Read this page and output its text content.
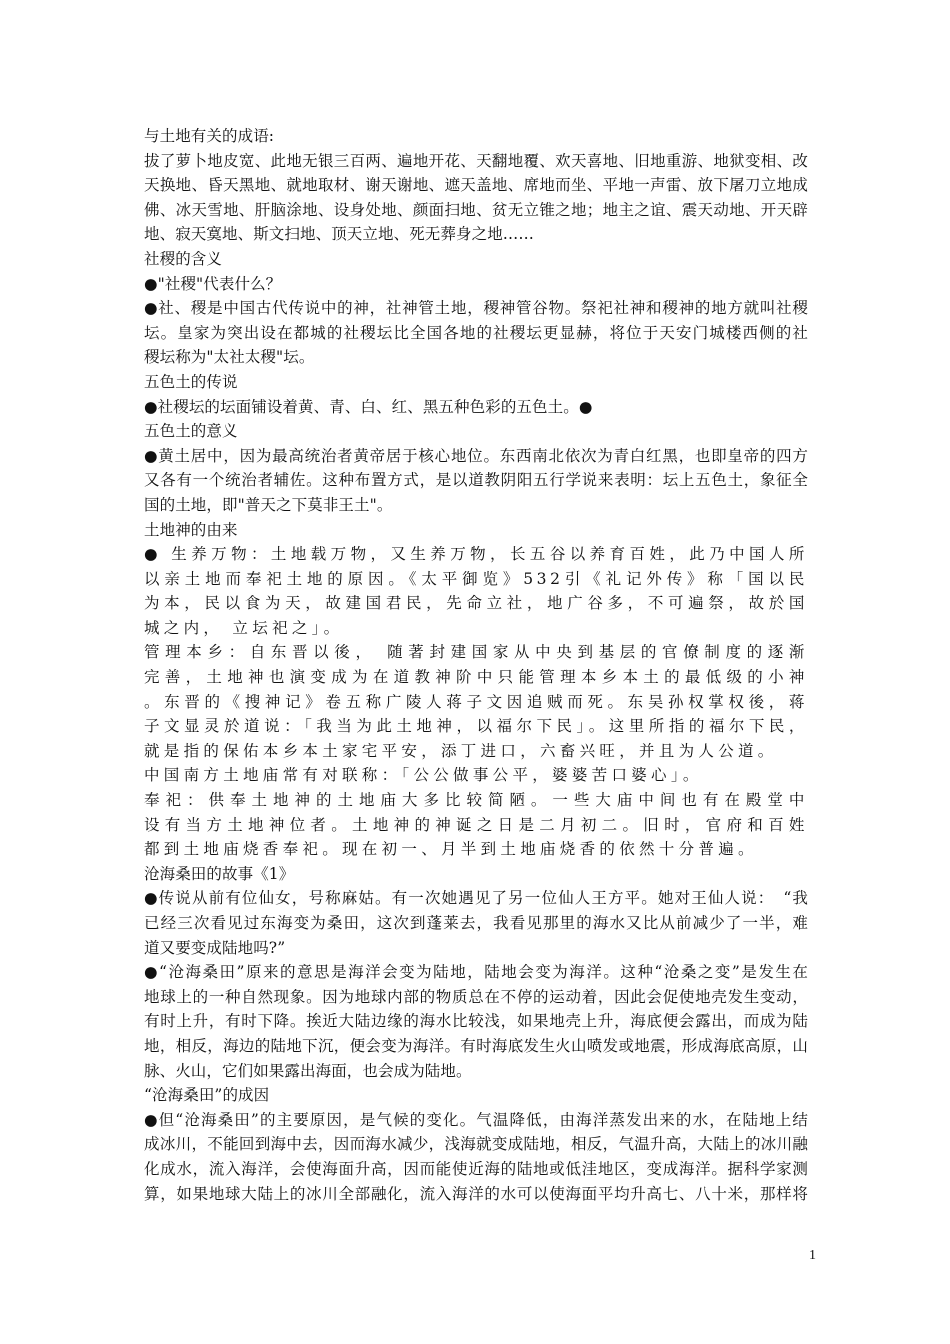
与土地有关的成语:
拔了萝卜地皮宽、此地无银三百两、遍地开花、天翻地覆、欢天喜地、旧地重游、地狱变相、改
天换地、昏天黑地、就地取材、谢天谢地、遮天盖地、席地而坐、平地一声雷、放下屠刀立地成
佛、冰天雪地、肝脑涂地、设身处地、颜面扫地、贫无立锥之地；地主之谊、震天动地、开天辟
地、寂天寞地、斯文扫地、顶天立地、死无葬身之地……
社稷的含义
●"社稷"代表什么？
●社、稷是中国古代传说中的神，社神管土地，稷神管谷物。祭祀社神和稷神的地方就叫社稷
坛。皇家为突出设在都城的社稷坛比全国各地的社稷坛更显赫，将位于天安门城楼西侧的社
稷坛称为"太社太稷"坛。
五色土的传说
●社稷坛的坛面铺设着黄、青、白、红、黑五种色彩的五色土。●
五色土的意义
●黄土居中，因为最高统治者黄帝居于核心地位。东西南北依次为青白红黑，也即皇帝的四方
又各有一个统治者辅佐。这种布置方式，是以道教阴阳五行学说来表明：坛上五色土，象征全
国的土地，即"普天之下莫非王土"。
土地神的由来
● 生养万物：土地载万物，又生养万物，长五谷以养育百姓，此乃中国人所
以亲土地而奉祀土地的原因。《太平御览》532引《礼记外传》称「国以民
为本，民以食为天，故建国君民，先命立社，地广谷多，不可遍祭，故於国
城之内， 立坛祀之」。
管理本乡：自东晋以後， 随著封建国家从中央到基层的官僚制度的逐渐
完善，土地神也演变成为在道教神阶中只能管理本乡本土的最低级的小神
。东晋的《搜神记》卷五称广陵人蒋子文因追贼而死。东吴孙权掌权後，蒋
子文显灵於道说：「我当为此土地神，以福尔下民」。这里所指的福尔下民，
就是指的保佑本乡本土家宅平安，添丁进口，六畜兴旺，并且为人公道。
中国南方土地庙常有对联称：「公公做事公平，婆婆苦口婆心」。
奉祀：供奉土地神的土地庙大多比较简陋。一些大庙中间也有在殿堂中
设有当方土地神位者。土地神的神诞之日是二月初二。旧时，官府和百姓
都到土地庙烧香奉祀。现在初一、月半到土地庙烧香的依然十分普遍。
沧海桑田的故事《1》
●传说从前有位仙女，号称麻姑。有一次她遇见了另一位仙人王方平。她对王仙人说：　“我
已经三次看见过东海变为桑田，这次到蓬莱去，我看见那里的海水又比从前减少了一半，难
道又要变成陆地吗?”
●“沧海桑田”原来的意思是海洋会变为陆地，陆地会变为海洋。这种“沧桑之变”是发生在
地球上的一种自然现象。因为地球内部的物质总在不停的运动着，因此会促使地壳发生变动，
有时上升，有时下降。挨近大陆边缘的海水比较浅，如果地壳上升，海底便会露出，而成为陆
地，相反，海边的陆地下沉，便会变为海洋。有时海底发生火山喷发或地震，形成海底高原，山
脉、火山，它们如果露出海面，也会成为陆地。
“沧海桑田”的成因
●但“沧海桑田”的主要原因，是气候的变化。气温降低，由海洋蒸发出来的水，在陆地上结
成冰川，不能回到海中去，因而海水减少，浅海就变成陆地，相反，气温升高，大陆上的冰川融
化成水，流入海洋，会使海面升高，因而能使近海的陆地或低洼地区，变成海洋。据科学家测
算，如果地球大陆上的冰川全部融化，流入海洋的水可以使海面平均升高七、八十米，那样将
1
